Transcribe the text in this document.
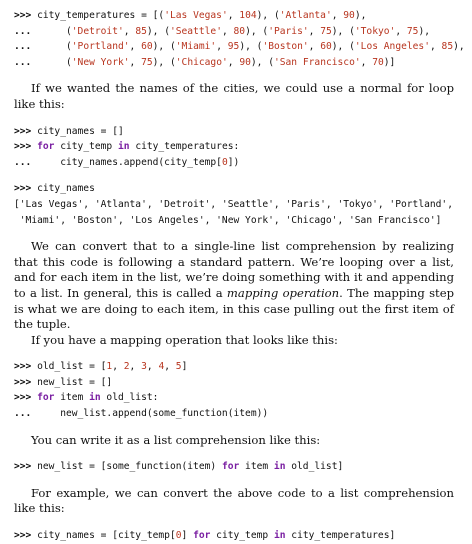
>>> city_temperatures = [('Las Vegas', 104), ('Atlanta', 90),
...      ('Detroit', 85), ('Seattle', 80), ('Paris', 75), ('Tokyo', 75),
...      ('Portland', 60), ('Miami', 95), ('Boston', 60), ('Los Angeles', 85),
...      ('New York', 75), ('Chicago', 90), ('San Francisco', 70)]

If we wanted the names of the cities, we could use a normal for loop like this:

>>> city_names = []
>>> for city_temp in city_temperatures:
...     city_names.append(city_temp[0])
>>> city_names
['Las Vegas', 'Atlanta', 'Detroit', 'Seattle', 'Paris', 'Tokyo', 'Portland',
'Miami', 'Boston', 'Los Angeles', 'New York', 'Chicago', 'San Francisco']

We can convert that to a single-line list comprehension by realizing that this code is following a standard pattern. We’re looping over a list, and for each item in the list, we’re doing something with it and appending to a list. In general, this is called a mapping operation. The mapping step is what we are doing to each item, in this case pulling out the first item of the tuple.

If you have a mapping operation that looks like this:

>>> old_list = [1, 2, 3, 4, 5]
>>> new_list = []
>>> for item in old_list:
...     new_list.append(some_function(item))

You can write it as a list comprehension like this:

>>> new_list = [some_function(item) for item in old_list]

For example, we can convert the above code to a list comprehension like this:

>>> city_names = [city_temp[0] for city_temp in city_temperatures]
